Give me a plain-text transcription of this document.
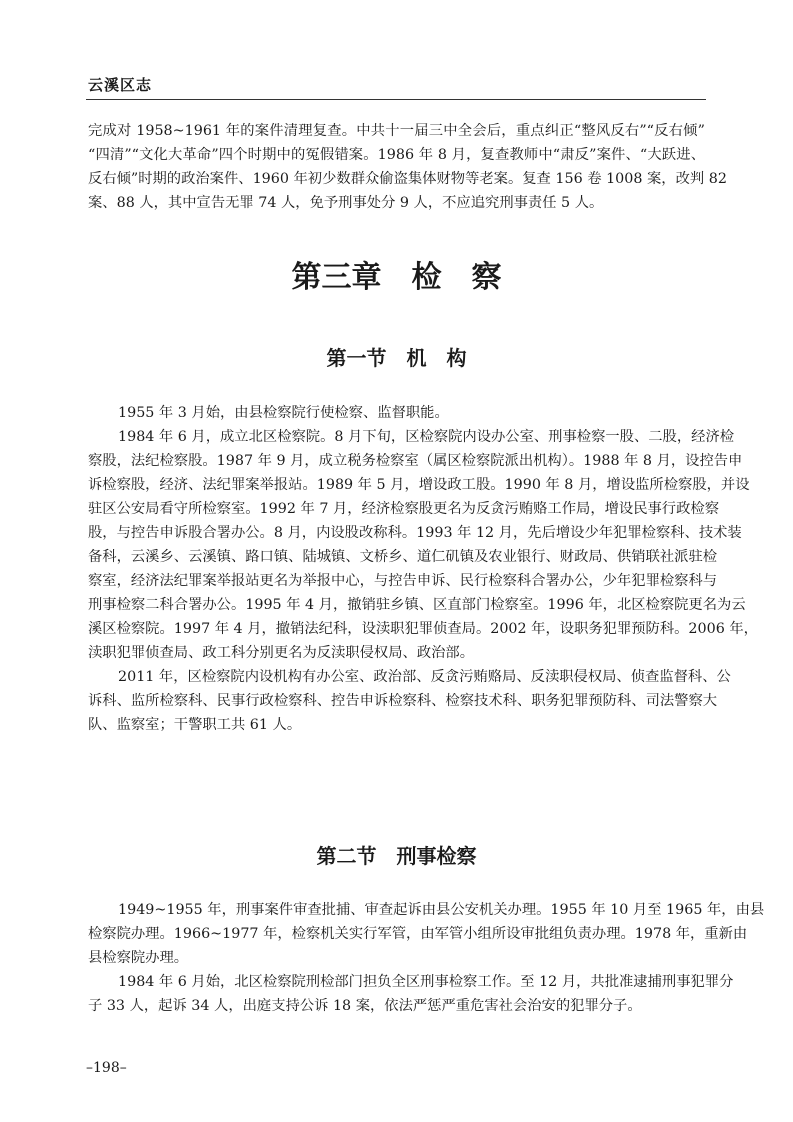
云溪区志
完成对 1958~1961 年的案件清理复查。中共十一届三中全会后，重点纠正“整风反右”“反右倾”
“四清”“文化大革命”四个时期中的冤假错案。1986 年 8 月，复查教师中“肃反”案件、“大跃进、
反右倾”时期的政治案件、1960 年初少数群众偷盗集体财物等老案。复查 156 卷 1008 案，改判 82
案、88 人，其中宣告无罪 74 人，免予刑事处分 9 人，不应追究刑事责任 5 人。
第三章　检　察
第一节　机　构
1955 年 3 月始，由县检察院行使检察、监督职能。
1984 年 6 月，成立北区检察院。8 月下旬，区检察院内设办公室、刑事检察一股、二股，经济检
察股，法纪检察股。1987 年 9 月，成立税务检察室（属区检察院派出机构）。1988 年 8 月，设控告申
诉检察股，经济、法纪罪案举报站。1989 年 5 月，增设政工股。1990 年 8 月，增设监所检察股，并设
驻区公安局看守所检察室。1992 年 7 月，经济检察股更名为反贪污贿赂工作局，增设民事行政检察
股，与控告申诉股合署办公。8 月，内设股改称科。1993 年 12 月，先后增设少年犯罪检察科、技术装
备科，云溪乡、云溪镇、路口镇、陆城镇、文桥乡、道仁矶镇及农业银行、财政局、供销联社派驻检
察室，经济法纪罪案举报站更名为举报中心，与控告申诉、民行检察科合署办公，少年犯罪检察科与
刑事检察二科合署办公。1995 年 4 月，撤销驻乡镇、区直部门检察室。1996 年，北区检察院更名为云
溪区检察院。1997 年 4 月，撤销法纪科，设渎职犯罪侦查局。2002 年，设职务犯罪预防科。2006 年，
渎职犯罪侦查局、政工科分别更名为反渎职侵权局、政治部。
2011 年，区检察院内设机构有办公室、政治部、反贪污贿赂局、反渎职侵权局、侦查监督科、公
诉科、监所检察科、民事行政检察科、控告申诉检察科、检察技术科、职务犯罪预防科、司法警察大
队、监察室；干警职工共 61 人。
第二节　刑事检察
1949~1955 年，刑事案件审查批捕、审查起诉由县公安机关办理。1955 年 10 月至 1965 年，由县
检察院办理。1966~1977 年，检察机关实行军管，由军管小组所设审批组负责办理。1978 年，重新由
县检察院办理。
1984 年 6 月始，北区检察院刑检部门担负全区刑事检察工作。至 12 月，共批准逮捕刑事犯罪分
子 33 人，起诉 34 人，出庭支持公诉 18 案，依法严惩严重危害社会治安的犯罪分子。
–198–
